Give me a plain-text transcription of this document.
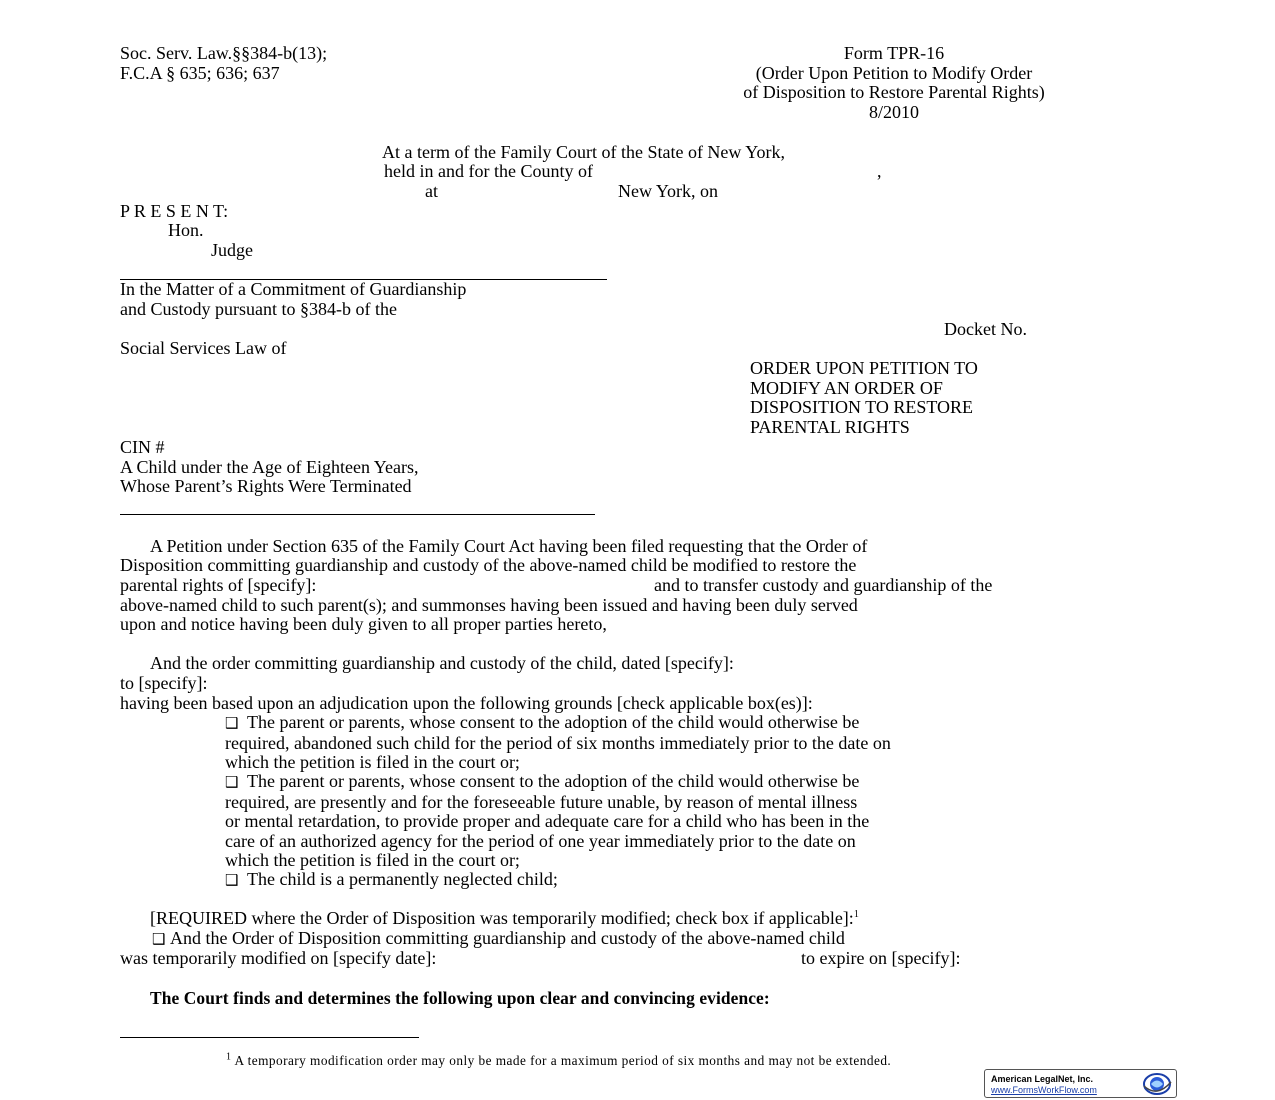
Soc. Serv. Law.§§384-b(13);
F.C.A § 635; 636; 637
Form TPR-16
(Order Upon Petition to Modify Order
of Disposition to Restore Parental Rights)
8/2010
At a term of the Family Court of the State of New York,
held in and for the County of	,
at	New York, on
P R E S E N T:
Hon.
Judge
In the Matter of a Commitment of Guardianship
and Custody pursuant to §384-b of the
Docket No.
Social Services Law of
ORDER UPON PETITION TO
MODIFY AN ORDER OF
DISPOSITION TO RESTORE
PARENTAL RIGHTS
CIN #
A Child under the Age of Eighteen Years,
Whose Parent’s Rights Were Terminated
A Petition under Section 635 of the Family Court Act having been filed requesting that the Order of
Disposition committing guardianship and custody of the above-named child be modified to restore the
parental rights of [specify]:	and to transfer custody and guardianship of the
above-named child to such parent(s); and summonses having been issued and having been duly served
upon and notice having been duly given to all proper parties hereto,
And the order committing guardianship and custody of the child, dated [specify]:
to [specify]:
having been based upon an adjudication upon the following grounds [check applicable box(es)]:
❑ The parent or parents, whose consent to the adoption of the child would otherwise be
required, abandoned such child for the period of six months immediately prior to the date on
which the petition is filed in the court or;
❑ The parent or parents, whose consent to the adoption of the child would otherwise be
required, are presently and for the foreseeable future unable, by reason of mental illness
or mental retardation, to provide proper and adequate care for a child who has been in the
care of an authorized agency for the period of one year immediately prior to the date on
which the petition is filed in the court or;
❑ The child is a permanently neglected child;
[REQUIRED where the Order of Disposition was temporarily modified; check box if applicable]:$^1$
❑ And the Order of Disposition committing guardianship and custody of the above-named child
was temporarily modified on [specify date]:	to expire on [specify]:
The Court finds and determines the following upon clear and convincing evidence:
$^1$ A temporary modification order may only be made for a maximum period of six months and may not be extended.
American LegalNet, Inc.
www.FormsWorkFlow.com
